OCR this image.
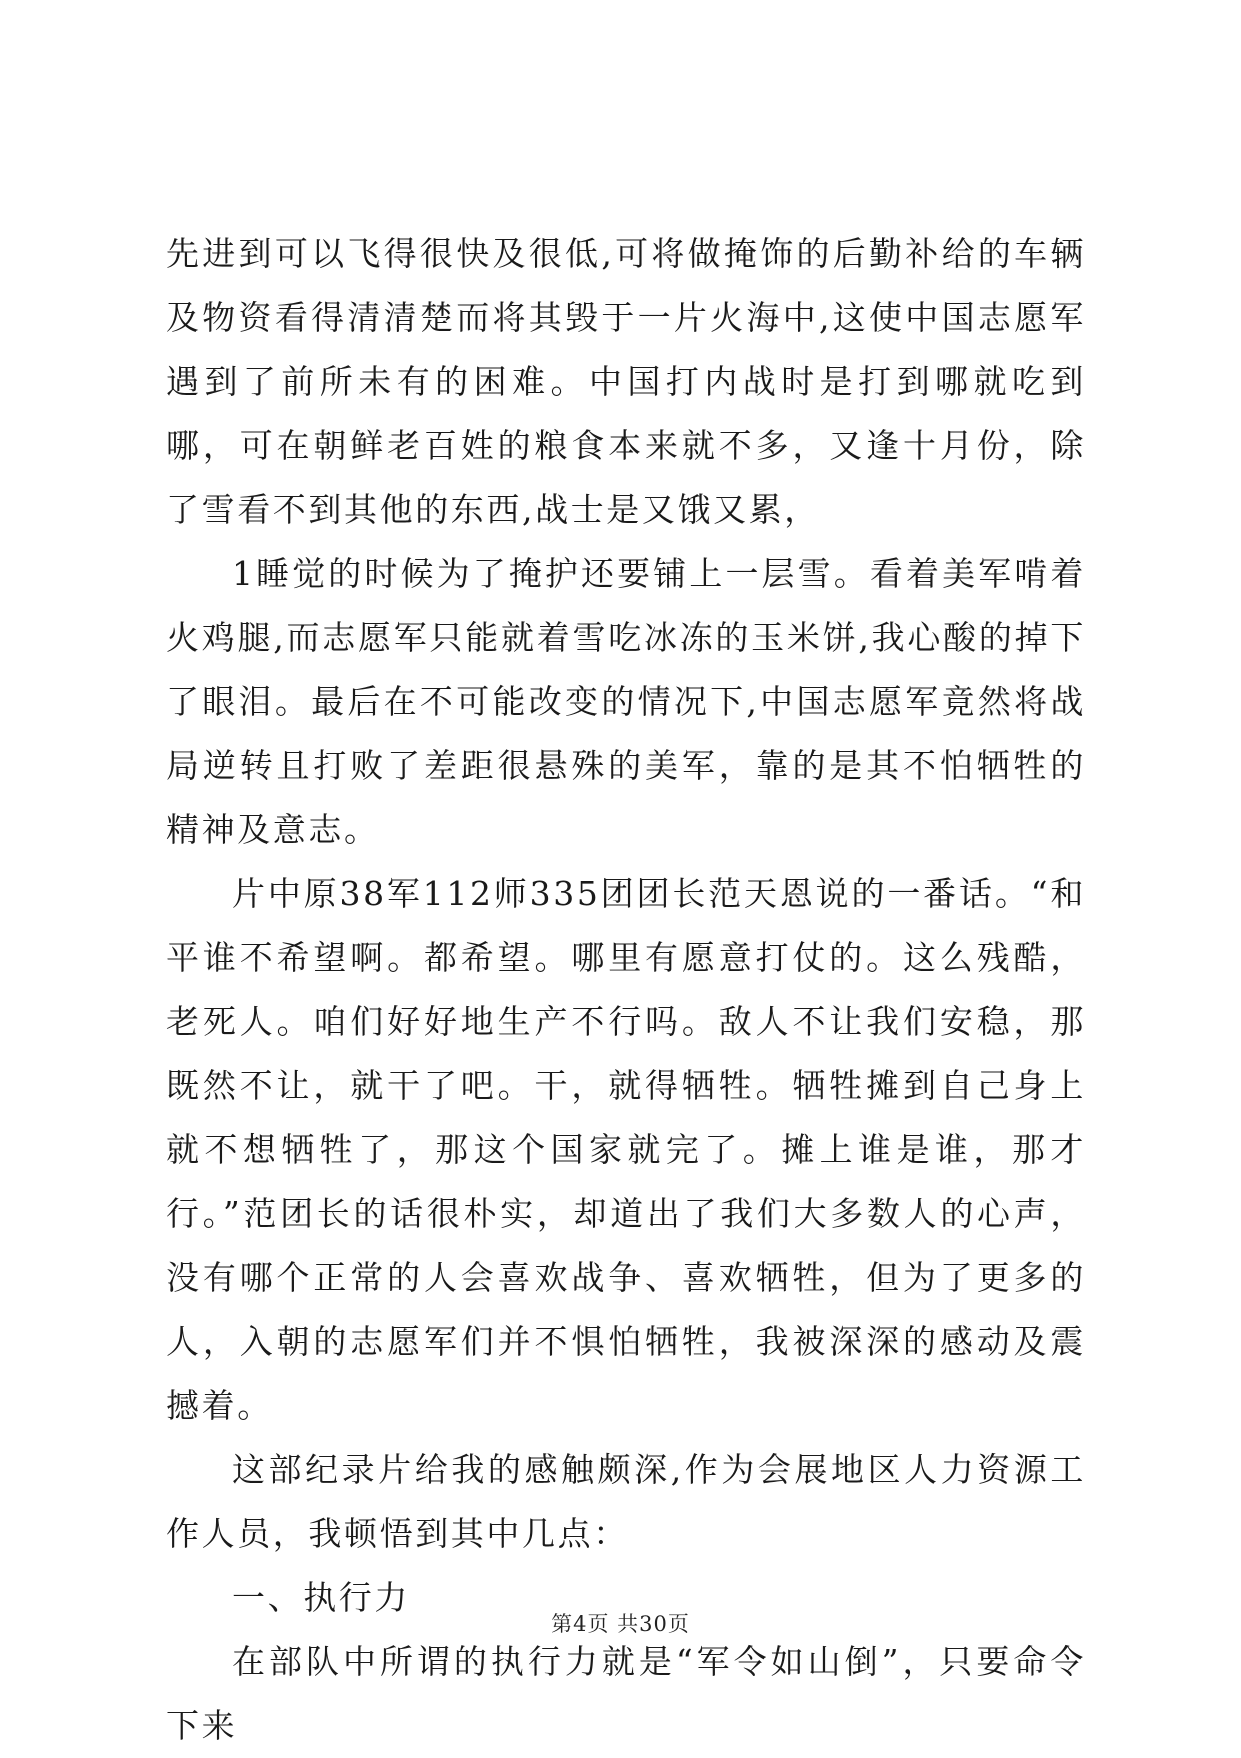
先进到可以飞得很快及很低,可将做掩饰的后勤补给的车辆及物资看得清清楚而将其毁于一片火海中,这使中国志愿军遇到了前所未有的困难。中国打内战时是打到哪就吃到哪，可在朝鲜老百姓的粮食本来就不多，又逢十月份，除了雪看不到其他的东西,战士是又饿又累，

1睡觉的时候为了掩护还要铺上一层雪。看着美军啃着火鸡腿,而志愿军只能就着雪吃冰冻的玉米饼,我心酸的掉下了眼泪。最后在不可能改变的情况下,中国志愿军竟然将战局逆转且打败了差距很悬殊的美军，靠的是其不怕牺牲的精神及意志。

片中原38军112师335团团长范天恩说的一番话。“和平谁不希望啊。都希望。哪里有愿意打仗的。这么残酷，老死人。咱们好好地生产不行吗。敌人不让我们安稳，那既然不让，就干了吧。干，就得牺牲。牺牲摊到自己身上就不想牺牲了，那这个国家就完了。摊上谁是谁，那才行。”范团长的话很朴实，却道出了我们大多数人的心声，没有哪个正常的人会喜欢战争、喜欢牺牲，但为了更多的人，入朝的志愿军们并不惧怕牺牲，我被深深的感动及震撼着。

这部纪录片给我的感触颇深,作为会展地区人力资源工作人员，我顿悟到其中几点：

一、执行力

在部队中所谓的执行力就是“军令如山倒”，只要命令下来

第4页 共30页
